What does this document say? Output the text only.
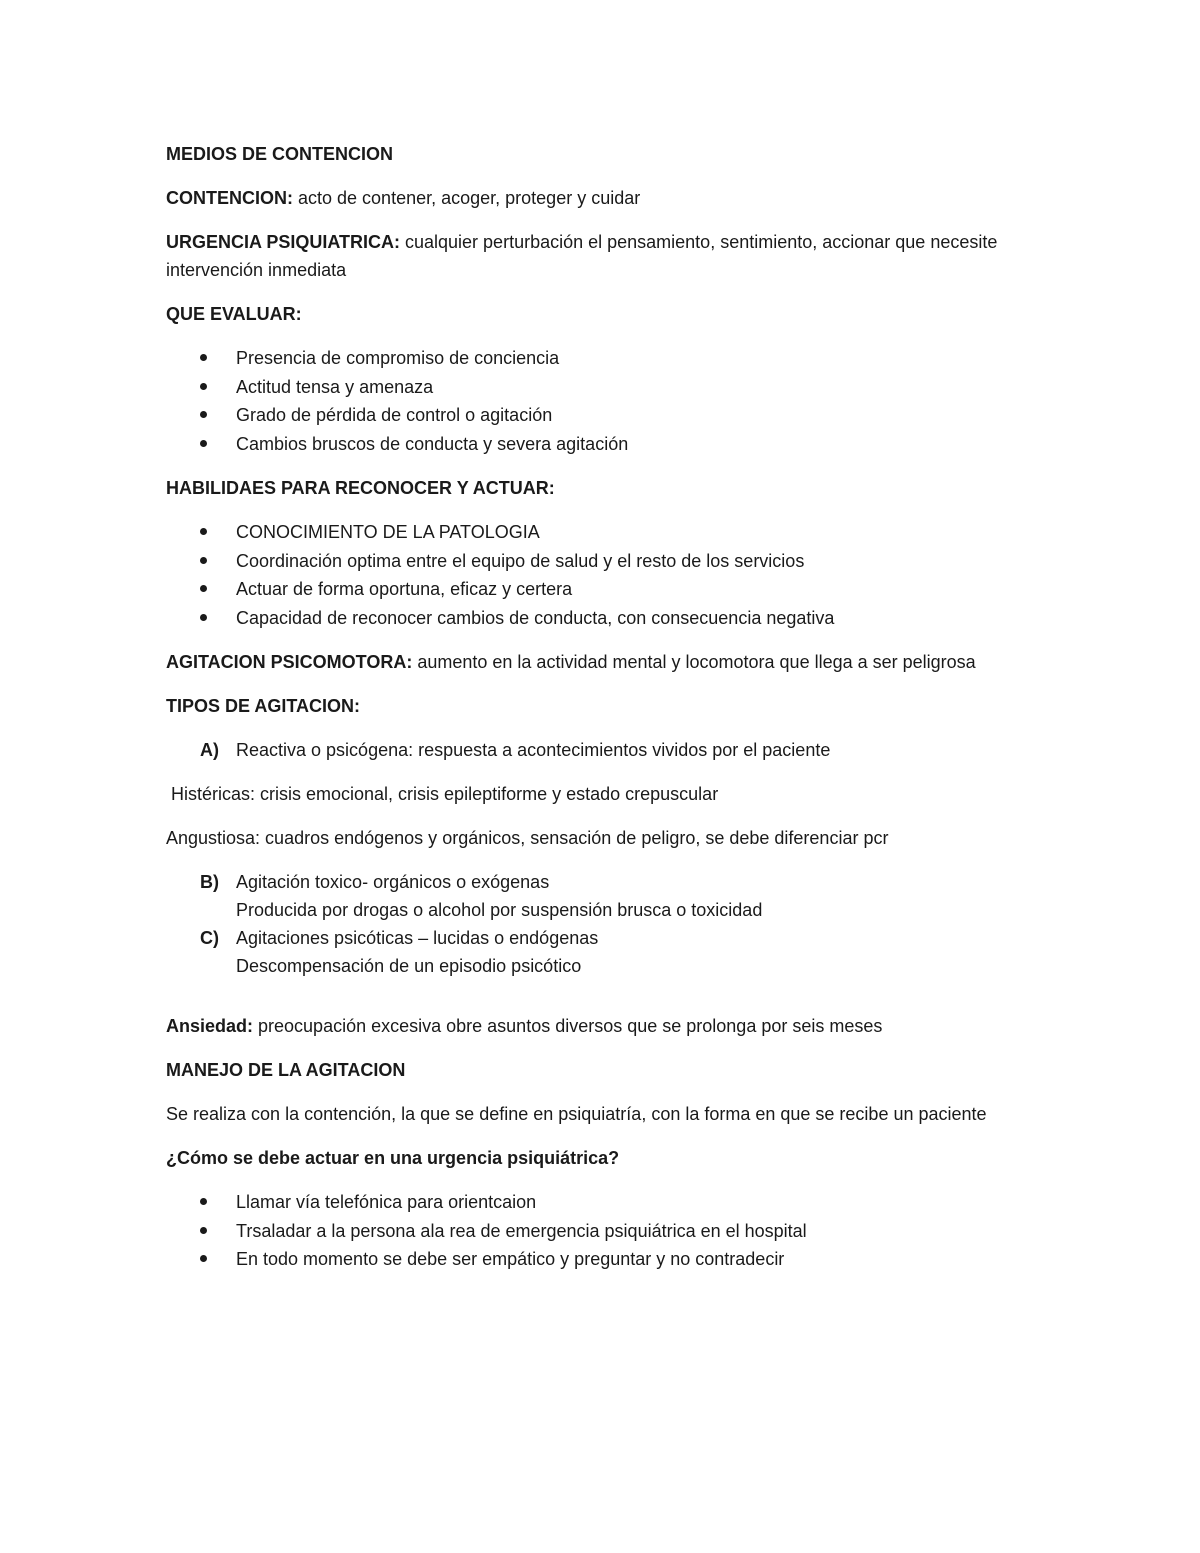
MEDIOS DE CONTENCION

CONTENCION: acto de contener, acoger, proteger y cuidar

URGENCIA PSIQUIATRICA: cualquier perturbación el pensamiento, sentimiento, accionar que necesite intervención inmediata

QUE EVALUAR:

Presencia de compromiso de conciencia
Actitud tensa y amenaza
Grado de pérdida de control o agitación
Cambios bruscos de conducta y severa agitación

HABILIDAES PARA RECONOCER Y ACTUAR:

CONOCIMIENTO DE LA PATOLOGIA
Coordinación optima entre el equipo de salud y el resto de los servicios
Actuar de forma oportuna, eficaz y certera
Capacidad de reconocer cambios de conducta, con consecuencia negativa

AGITACION PSICOMOTORA: aumento en la actividad mental y locomotora que llega a ser peligrosa

TIPOS DE AGITACION:

A) Reactiva o psicógena: respuesta a acontecimientos vividos por el paciente

Histéricas: crisis emocional, crisis epileptiforme y estado crepuscular

Angustiosa: cuadros endógenos y orgánicos, sensación de peligro, se debe diferenciar pcr

B) Agitación toxico- orgánicos o exógenas
Producida por drogas o alcohol por suspensión brusca o toxicidad
C) Agitaciones psicóticas – lucidas o endógenas
Descompensación de un episodio psicótico

Ansiedad: preocupación excesiva obre asuntos diversos que se prolonga por seis meses

MANEJO DE LA AGITACION

Se realiza con la contención, la que se define en psiquiatría, con la forma en que se recibe un paciente

¿Cómo se debe actuar en una urgencia psiquiátrica?

Llamar vía telefónica para orientcaion
Trsaladar a la persona ala rea de emergencia psiquiátrica en el hospital
En todo momento se debe ser empático y preguntar y no contradecir
